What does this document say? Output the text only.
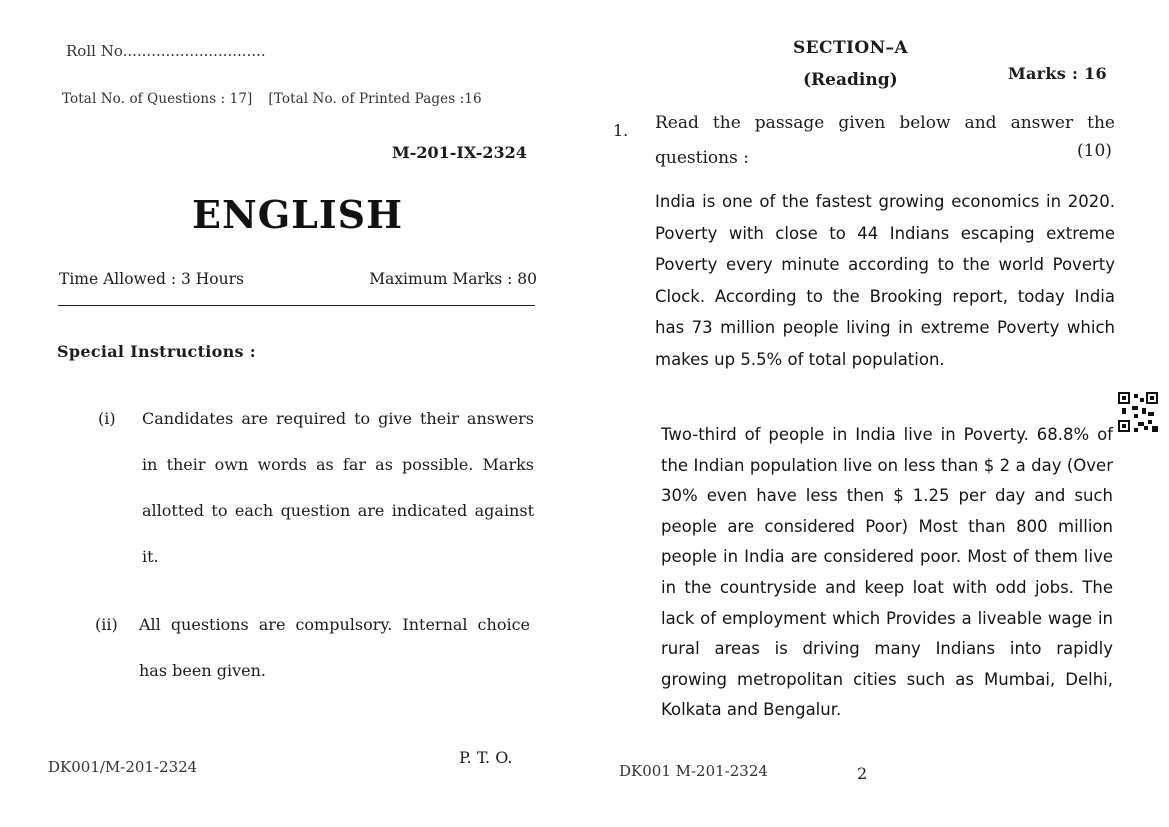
Roll No..............................
Total No. of Questions : 17] [Total No. of Printed Pages :16
M-201-IX-2324
ENGLISH
Time Allowed : 3 Hours	Maximum Marks : 80
Special Instructions :
(i) Candidates are required to give their answers in their own words as far as possible. Marks allotted to each question are indicated against it.
(ii) All questions are compulsory. Internal choice has been given.
DK001/M-201-2324	P. T. O.
SECTION–A
(Reading)	Marks : 16
1. Read the passage given below and answer the
questions :	(10)
India is one of the fastest growing economics in 2020. Poverty with close to 44 Indians escaping extreme Poverty every minute according to the world Poverty Clock. According to the Brooking report, today India has 73 million people living in extreme Poverty which makes up 5.5% of total population.
Two-third of people in India live in Poverty. 68.8% of the Indian population live on less than $ 2 a day (Over 30% even have less then $ 1.25 per day and such people are considered Poor) Most than 800 million people in India are considered poor. Most of them live in the countryside and keep loat with odd jobs. The lack of employment which Provides a liveable wage in rural areas is driving many Indians into rapidly growing metropolitan cities such as Mumbai, Delhi, Kolkata and Bengalur.
DK001 M-201-2324	2
